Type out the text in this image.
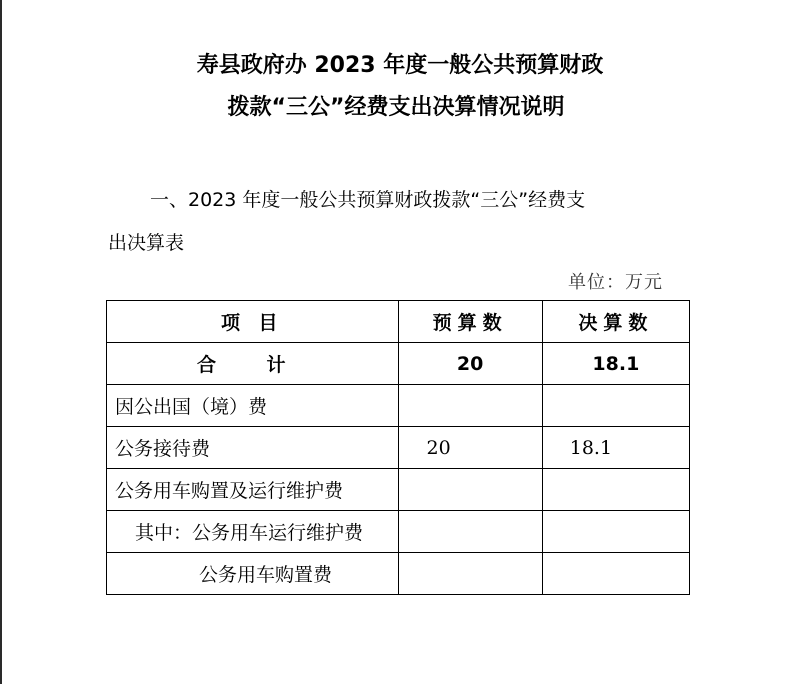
寿县政府办 2023 年度一般公共预算财政
拨款“三公”经费支出决算情况说明
一、2023 年度一般公共预算财政拨款“三公”经费支
出决算表
单位：万元
项 目	预算数	决算数
合 计	20	18.1
因公出国（境）费		
公务接待费	20	18.1
公务用车购置及运行维护费		
其中：公务用车运行维护费		
公务用车购置费		
